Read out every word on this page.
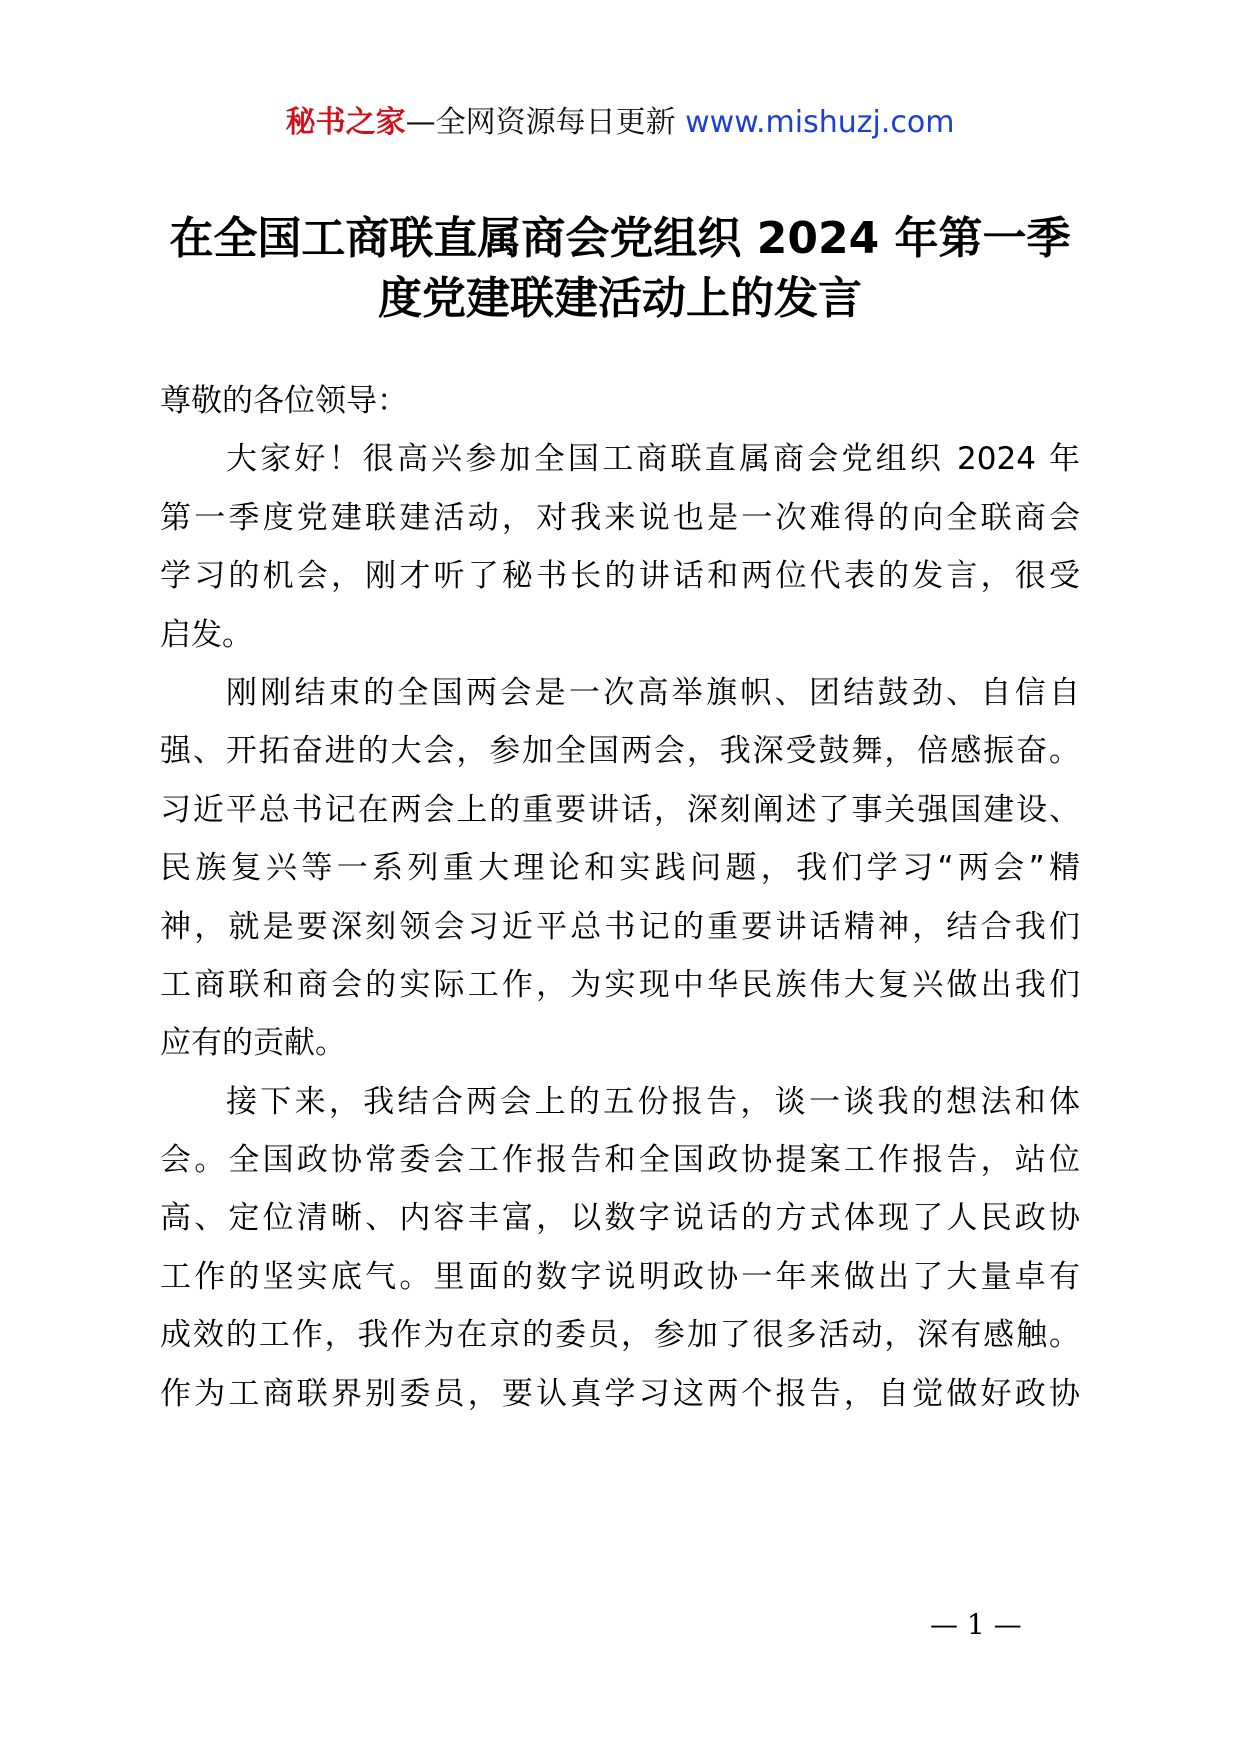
秘书之家—全网资源每日更新 www.mishuzj.com
在全国工商联直属商会党组织 2024 年第一季
度党建联建活动上的发言

尊敬的各位领导：

大家好！很高兴参加全国工商联直属商会党组织 2024 年

第一季度党建联建活动，对我来说也是一次难得的向全联商会

学习的机会，刚才听了秘书长的讲话和两位代表的发言，很受

启发。

刚刚结束的全国两会是一次高举旗帜、团结鼓劲、自信自

强、开拓奋进的大会，参加全国两会，我深受鼓舞，倍感振奋。

习近平总书记在两会上的重要讲话，深刻阐述了事关强国建设、

民族复兴等一系列重大理论和实践问题，我们学习“两会”精

神，就是要深刻领会习近平总书记的重要讲话精神，结合我们

工商联和商会的实际工作，为实现中华民族伟大复兴做出我们

应有的贡献。

接下来，我结合两会上的五份报告，谈一谈我的想法和体

会。全国政协常委会工作报告和全国政协提案工作报告，站位

高、定位清晰、内容丰富，以数字说话的方式体现了人民政协

工作的坚实底气。里面的数字说明政协一年来做出了大量卓有

成效的工作，我作为在京的委员，参加了很多活动，深有感触。

作为工商联界别委员，要认真学习这两个报告，自觉做好政协

— 1 —
